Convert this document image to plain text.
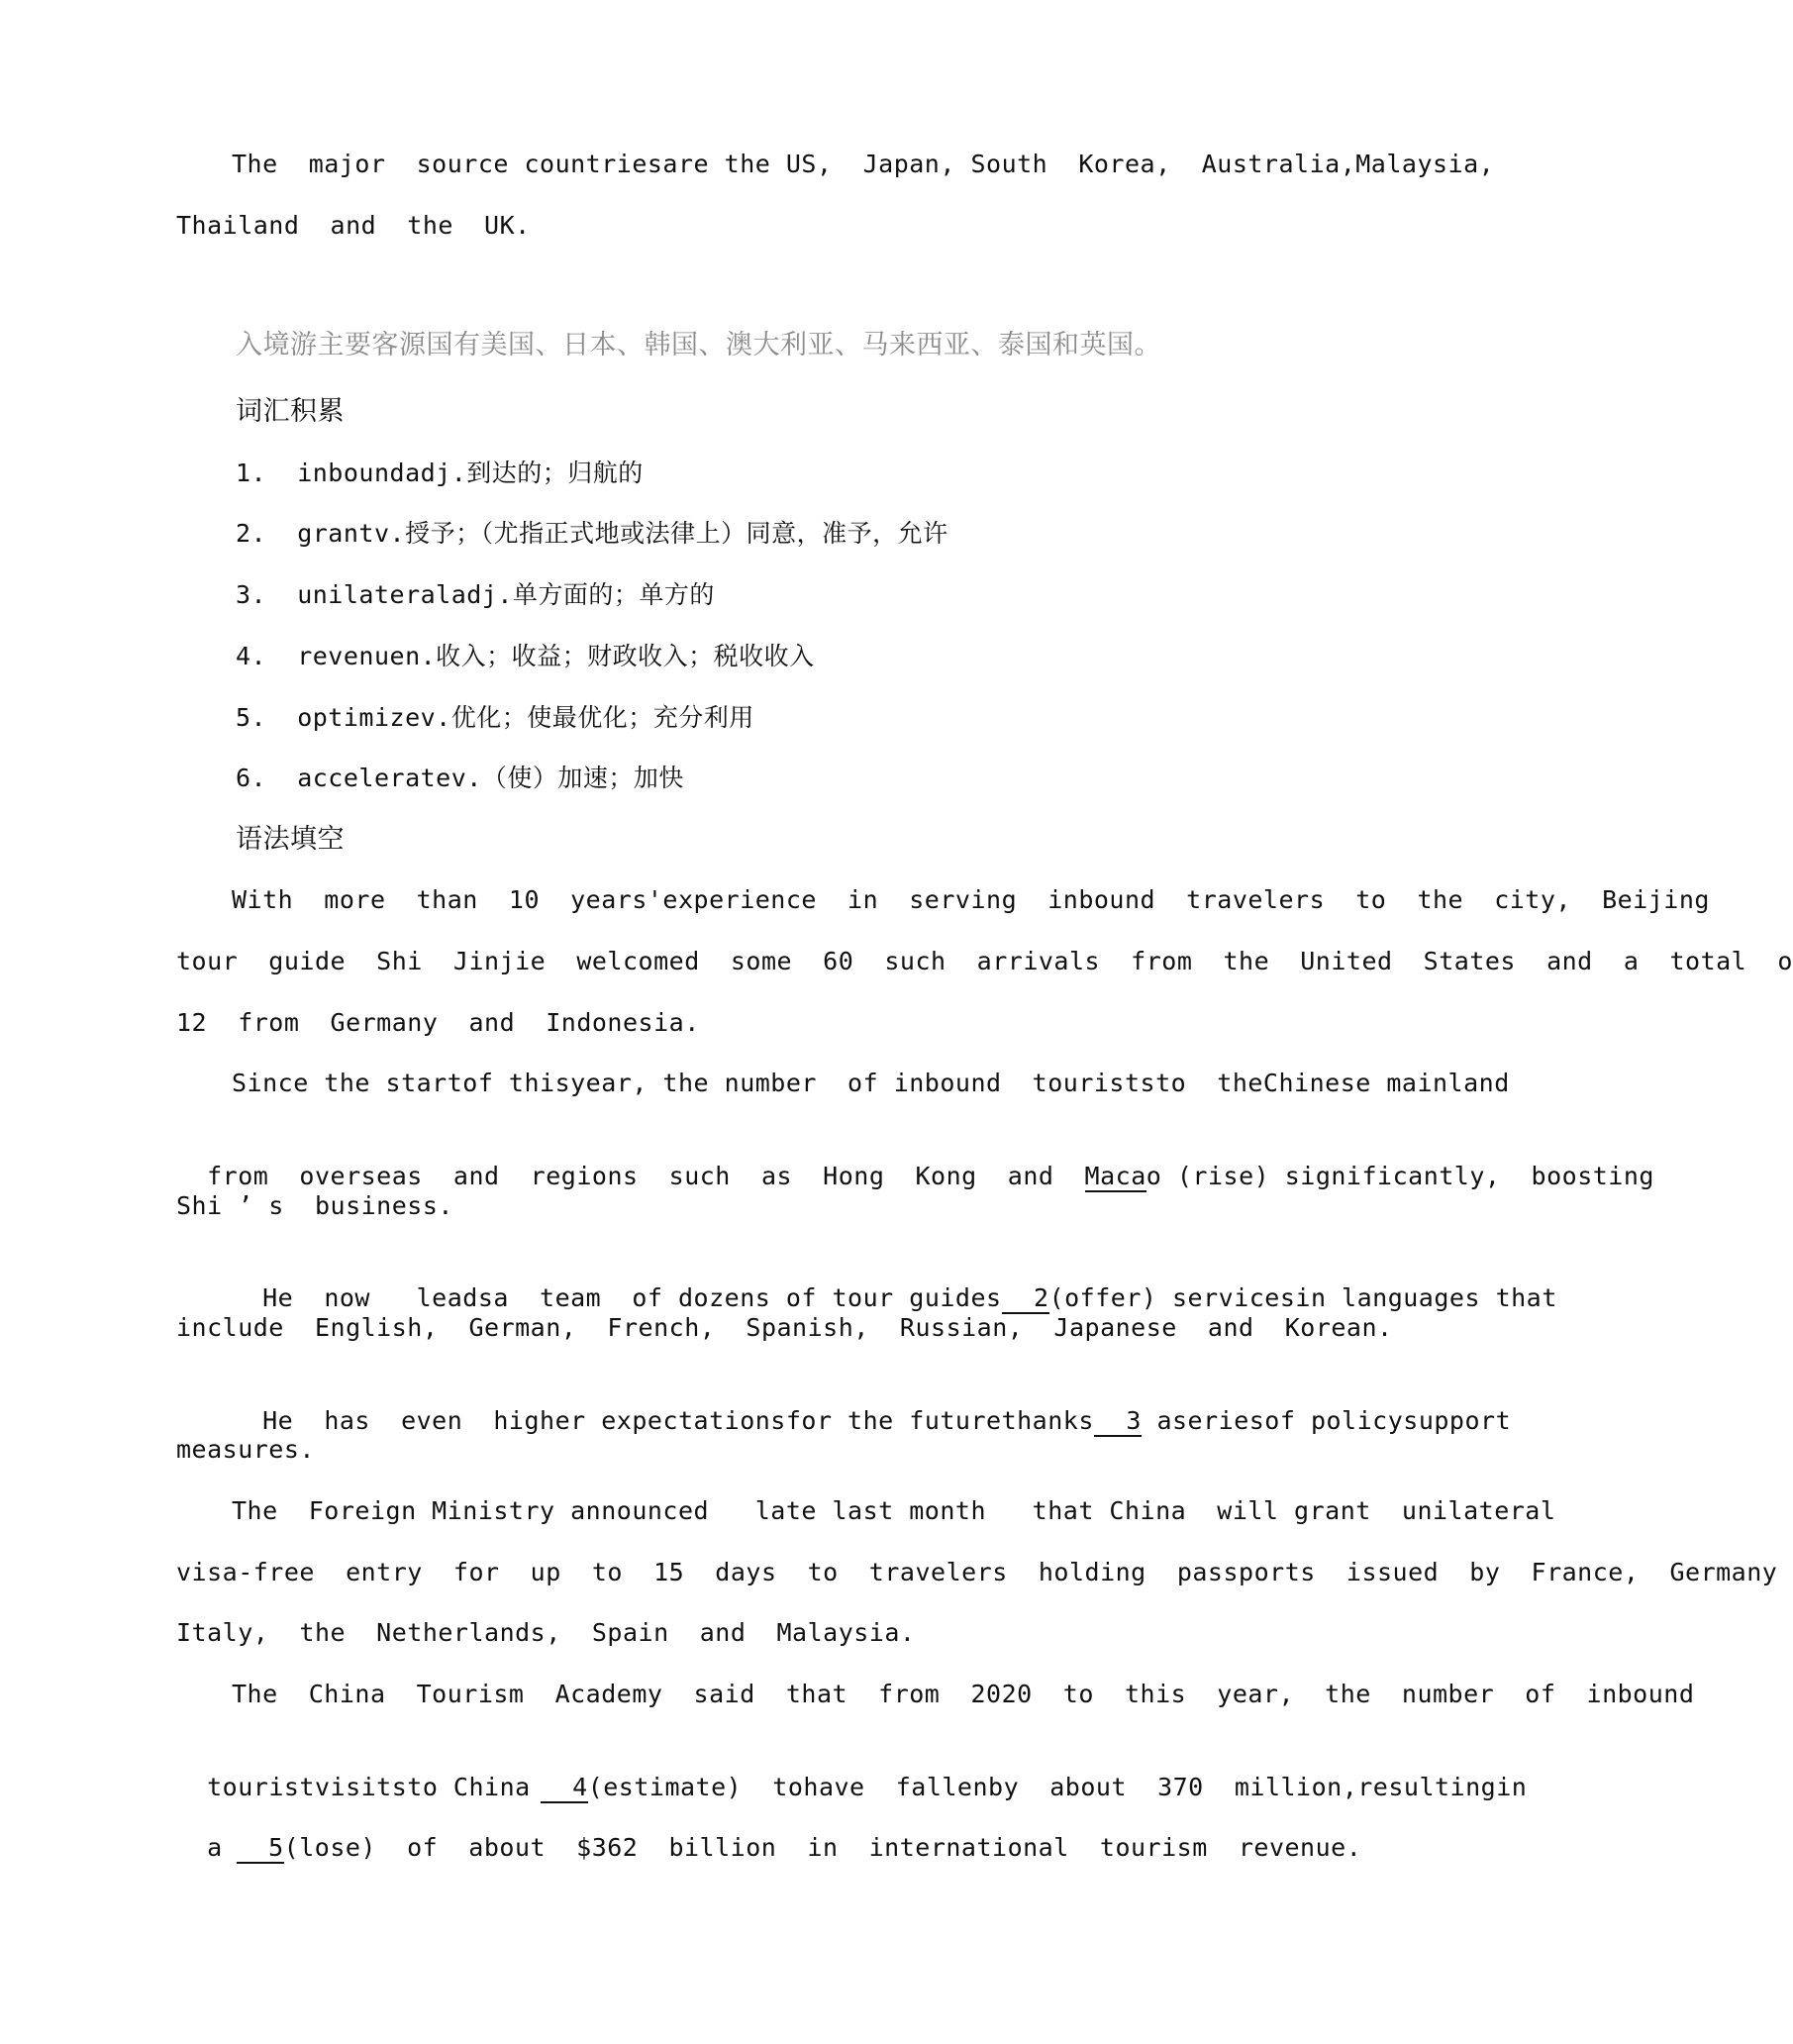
The  major  source countriesare the US,  Japan, South  Korea,  Australia,Malaysia,
Thailand  and  the  UK.
入境游主要客源国有美国、日本、韩国、澳大利亚、马来西亚、泰国和英国。
词汇积累
1.  inboundadj.到达的；归航的
2.  grantv.授予；（尤指正式地或法律上）同意，准予，允许
3.  unilateraladj.单方面的；单方的
4.  revenuen.收入；收益；财政收入；税收收入
5.  optimizev.优化；使最优化；充分利用
6.  acceleratev.（使）加速；加快
语法填空
With  more  than  10  years'experience  in  serving  inbound  travelers  to  the  city,  Beijing
tour  guide  Shi  Jinjie  welcomed  some  60  such  arrivals  from  the  United  States  and  a  total  o
12  from  Germany  and  Indonesia.
Since the startof thisyear, the number  of inbound  touriststo  theChinese mainland

from  overseas  and  regions  such  as  Hong  Kong  and  Macao (rise) significantly,  boosting

Shi ’ s  business.

He  now   leadsa  team  of dozens of tour guides 2(offer) servicesin languages that

include  English,  German,  French,  Spanish,  Russian,  Japanese  and  Korean.

He  has  even  higher expectationsfor the futurethanks 3 aseriesof policysupport

measures.
The  Foreign Ministry announced   late last month   that China  will grant  unilateral
visa-free  entry  for  up  to  15  days  to  travelers  holding  passports  issued  by  France,  Germany
Italy,  the  Netherlands,  Spain  and  Malaysia.
The  China  Tourism  Academy  said  that  from  2020  to  this  year,  the  number  of  inbound

touristvisitsto China 4(estimate)  tohave  fallenby  about  370  million,resultingin

a 5(lose)  of  about  $362  billion  in  international  tourism  revenue.
